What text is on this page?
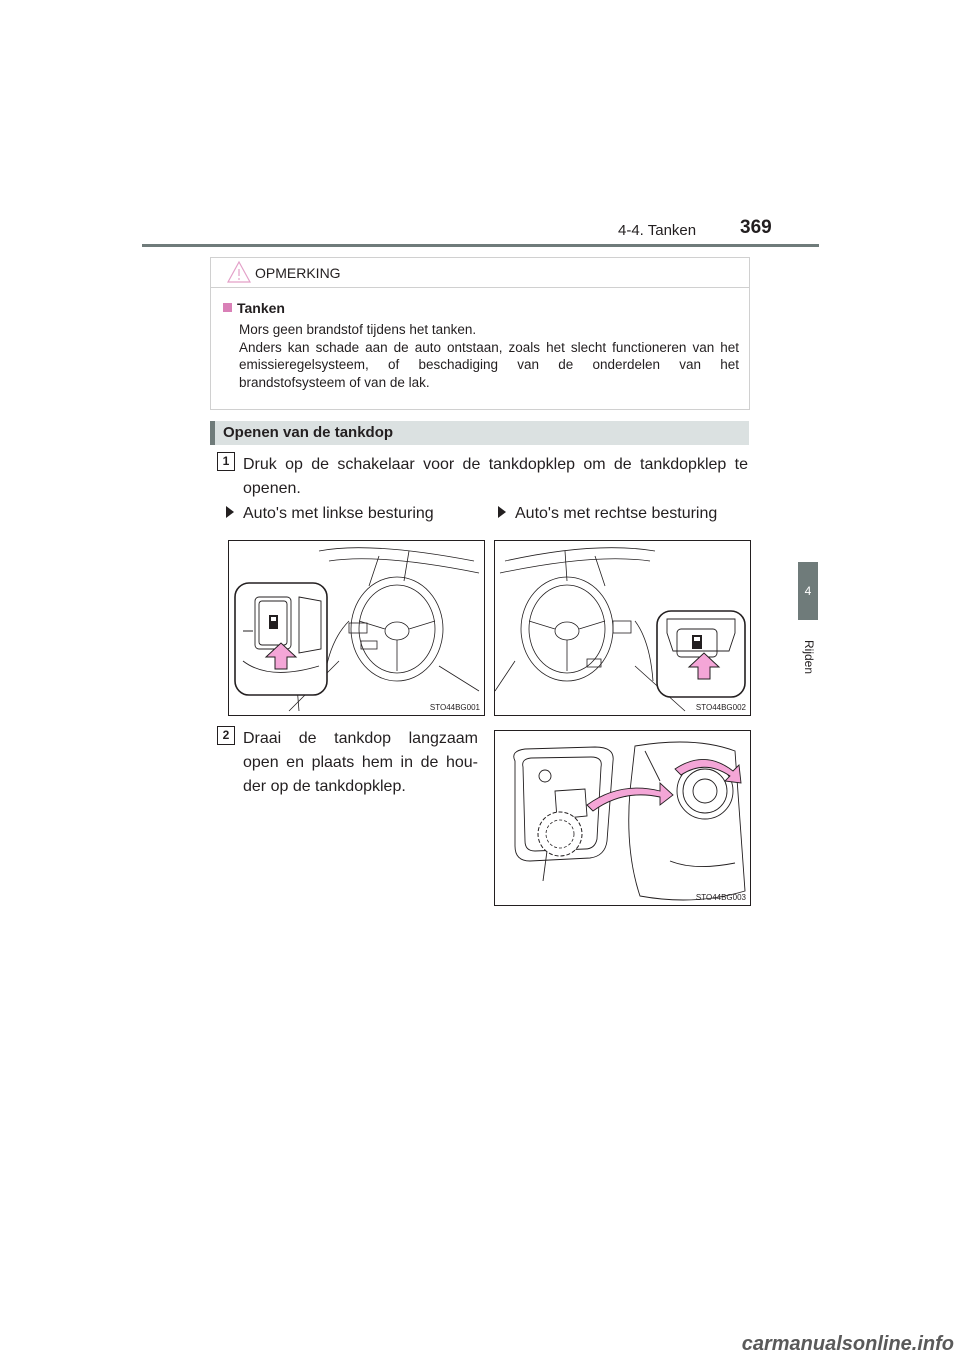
4-4. Tanken 369
4
Rijden
OPMERKING
Tanken

Mors geen brandstof tijdens het tanken.

Anders kan schade aan de auto ontstaan, zoals het slecht functioneren van het emissieregelsysteem, of beschadiging van de onderdelen van het brandstofsysteem of van de lak.

Openen van de tankdop
1 Druk op de schakelaar voor de tankdopklep om de tankdopklep te openen.
Auto's met linkse besturing	Auto's met rechtse besturing
STO44BG001	STO44BG002
2 Draai de tankdop langzaam open en plaats hem in de hou-der op de tankdopklep.
STO44BG003
carmanualsonline.info
